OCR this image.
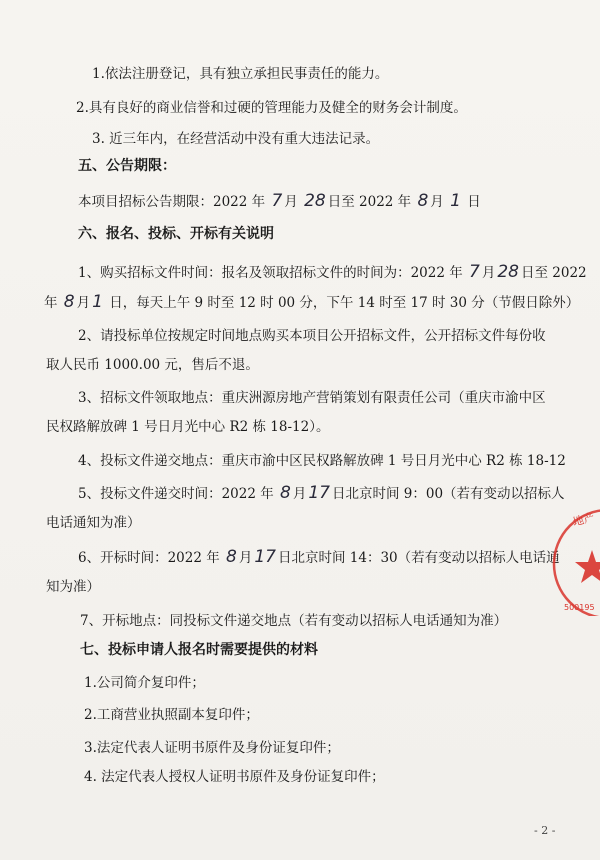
1.依法注册登记，具有独立承担民事责任的能力。
2.具有良好的商业信誉和过硬的管理能力及健全的财务会计制度。
3. 近三年内，在经营活动中没有重大违法记录。
五、公告期限：
本项目招标公告期限：2022 年 7 月 28 日至 2022 年 8 月 1 日
六、报名、投标、开标有关说明
1、购买招标文件时间：报名及领取招标文件的时间为：2022 年 7 月 28 日至 2022
年 8 月 1 日，每天上午 9 时至 12 时 00 分，下午 14 时至 17 时 30 分（节假日除外）
2、请投标单位按规定时间地点购买本项目公开招标文件，公开招标文件每份收
取人民币 1000.00 元，售后不退。
3、招标文件领取地点：重庆洲源房地产营销策划有限责任公司（重庆市渝中区
民权路解放碑 1 号日月光中心 R2 栋 18-12）。
4、投标文件递交地点：重庆市渝中区民权路解放碑 1 号日月光中心 R2 栋 18-12
5、投标文件递交时间：2022 年 8 月 17 日北京时间 9：00（若有变动以招标人
电话通知为准）
6、开标时间：2022 年 8 月 17 日北京时间 14：30（若有变动以招标人电话通
知为准）
7、开标地点：同投标文件递交地点（若有变动以招标人电话通知为准）
七、投标申请人报名时需要提供的材料
1.公司简介复印件；
2.工商营业执照副本复印件；
3.法定代表人证明书原件及身份证复印件；
4. 法定代表人授权人证明书原件及身份证复印件；
- 2 -
地产
500195
